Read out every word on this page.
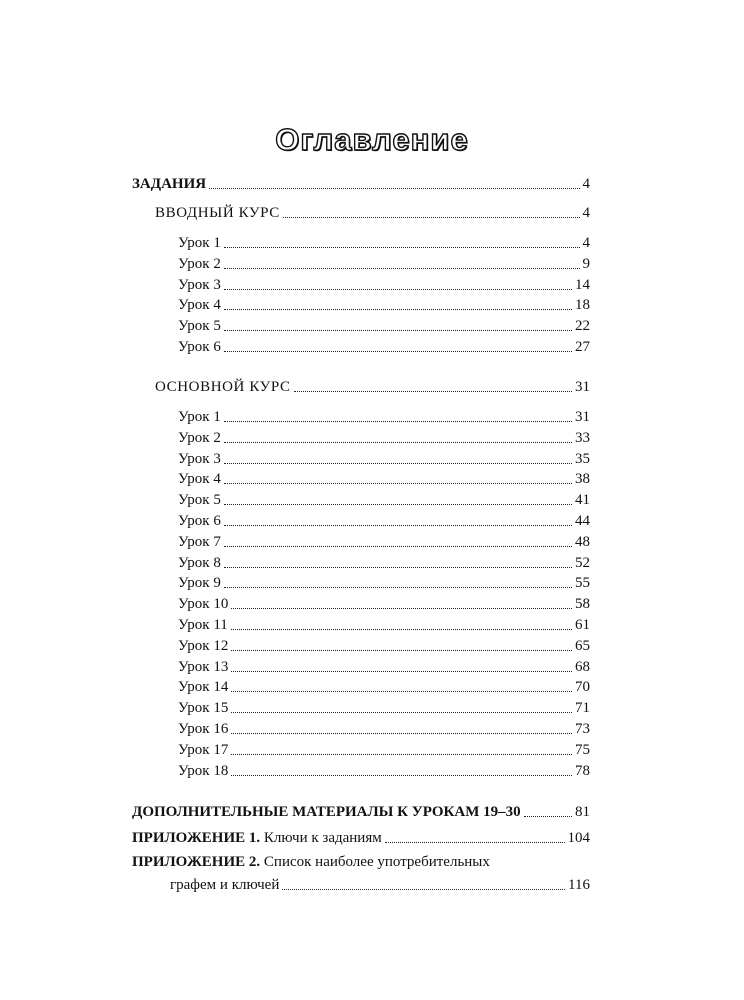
Оглавление
ЗАДАНИЯ	4
ВВОДНЫЙ КУРС	4
Урок 1	4
Урок 2	9
Урок 3	14
Урок 4	18
Урок 5	22
Урок 6	27
ОСНОВНОЙ КУРС	31
Урок 1	31
Урок 2	33
Урок 3	35
Урок 4	38
Урок 5	41
Урок 6	44
Урок 7	48
Урок 8	52
Урок 9	55
Урок 10	58
Урок 11	61
Урок 12	65
Урок 13	68
Урок 14	70
Урок 15	71
Урок 16	73
Урок 17	75
Урок 18	78
ДОПОЛНИТЕЛЬНЫЕ МАТЕРИАЛЫ К УРОКАМ 19–30	81
ПРИЛОЖЕНИЕ 1. Ключи к заданиям	104
ПРИЛОЖЕНИЕ 2. Список наиболее употребительных
графем и ключей	116
